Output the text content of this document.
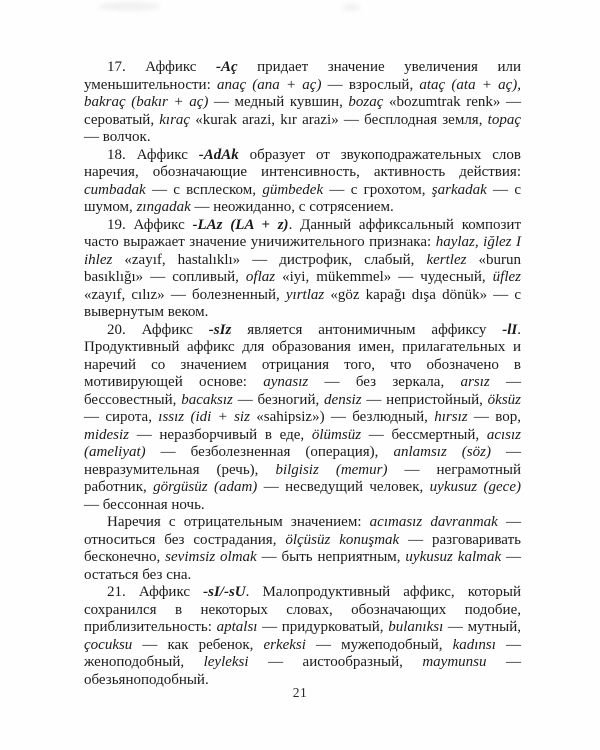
17. Аффикс -Aç придает значение увеличения или уменьшительности: anaç (ana + aç) — взрослый, ataç (ata + aç), bakraç (bakır + aç) — медный кувшин, bozaç «bozumtrak renk» — сероватый, kıraç «kurak arazi, kır arazi» — бесплодная земля, topaç — волчок.

18. Аффикс -AdAk образует от звукоподражательных слов наречия, обозначающие интенсивность, активность действия: cumbadak — с всплеском, gümbedek — с грохотом, şarkadak — с шумом, zıngadak — неожиданно, с сотрясением.

19. Аффикс -LAz (LA + z). Данный аффиксальный композит часто выражает значение уничижительного признака: haylaz, iğlez I ihlez «zayıf, hastalıklı» — дистрофик, слабый, kertlez «burun basıklığı» — сопливый, oflaz «iyi, mükemmel» — чудесный, üflez «zayıf, cılız» — болезненный, yırtlaz «göz kapağı dışa dönük» — с вывернутым веком.

20. Аффикс -sIz является антонимичным аффиксу -lI. Продуктивный аффикс для образования имен, прилагательных и наречий со значением отрицания того, что обозначено в мотивирующей основе: aynasız — без зеркала, arsız — бессовестный, bacaksız — безногий, densiz — непристойный, öksüz — сирота, ıssız (idi + siz «sahipsiz») — безлюдный, hırsız — вор, midesiz — неразборчивый в еде, ölümsüz — бессмертный, acısız (ameliyat) — безболезненная (операция), anlamsız (söz) — невразумительная (речь), bilgisiz (memur) — неграмотный работник, görgüsüz (adam) — несведущий человек, uykusuz (gece) — бессонная ночь.

Наречия с отрицательным значением: acımasız davranmak — относиться без сострадания, ölçüsüz konuşmak — разговаривать бесконечно, sevimsiz olmak — быть неприятным, uykusuz kalmak — остаться без сна.

21. Аффикс -sI/-sU. Малопродуктивный аффикс, который сохранился в некоторых словах, обозначающих подобие, приблизительность: aptalsı — придурковатый, bulanıksı — мутный, çocuksu — как ребенок, erkeksi — мужеподобный, kadınsı — женоподобный, leyleksi — аистообразный, maymunsu — обезьяноподобный.

21
